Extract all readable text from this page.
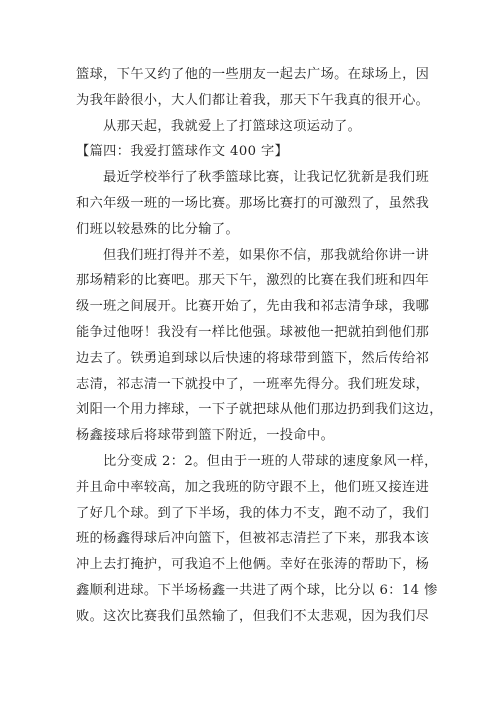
篮球，下午又约了他的一些朋友一起去广场。在球场上，因
为我年龄很小，大人们都让着我，那天下午我真的很开心。
从那天起，我就爱上了打篮球这项运动了。
【篇四：我爱打篮球作文 400 字】
最近学校举行了秋季篮球比赛，让我记忆犹新是我们班
和六年级一班的一场比赛。那场比赛打的可激烈了，虽然我
们班以较悬殊的比分输了。
但我们班打得并不差，如果你不信，那我就给你讲一讲
那场精彩的比赛吧。那天下午，激烈的比赛在我们班和四年
级一班之间展开。比赛开始了，先由我和祁志清争球，我哪
能争过他呀！我没有一样比他强。球被他一把就拍到他们那
边去了。铁勇追到球以后快速的将球带到篮下，然后传给祁
志清，祁志清一下就投中了，一班率先得分。我们班发球，
刘阳一个用力摔球，一下子就把球从他们那边扔到我们这边，
杨鑫接球后将球带到篮下附近，一投命中。
比分变成 2：2。但由于一班的人带球的速度象风一样，
并且命中率较高，加之我班的防守跟不上，他们班又接连进
了好几个球。到了下半场，我的体力不支，跑不动了，我们
班的杨鑫得球后冲向篮下，但被祁志清拦了下来，那我本该
冲上去打掩护，可我追不上他俩。幸好在张涛的帮助下，杨
鑫顺利进球。下半场杨鑫一共进了两个球，比分以 6：14 惨
败。这次比赛我们虽然输了，但我们不太悲观，因为我们尽
